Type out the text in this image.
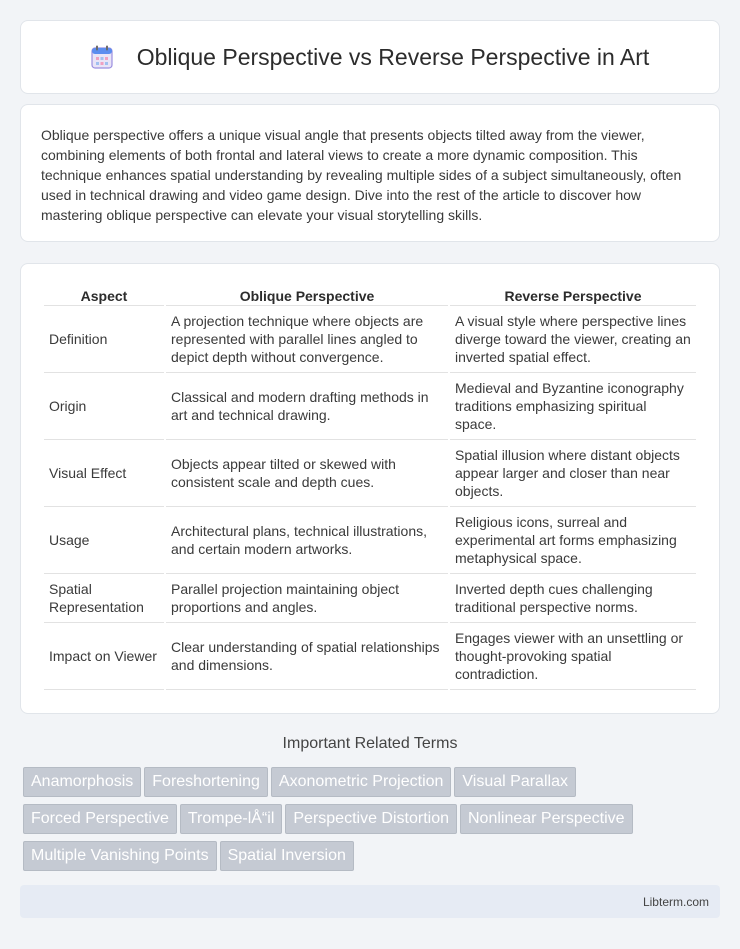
Oblique Perspective vs Reverse Perspective in Art

Oblique perspective offers a unique visual angle that presents objects tilted away from the viewer, combining elements of both frontal and lateral views to create a more dynamic composition. This technique enhances spatial understanding by revealing multiple sides of a subject simultaneously, often used in technical drawing and video game design. Dive into the rest of the article to discover how mastering oblique perspective can elevate your visual storytelling skills.

Aspect	Oblique Perspective	Reverse Perspective
Definition	A projection technique where objects are represented with parallel lines angled to depict depth without convergence.	A visual style where perspective lines diverge toward the viewer, creating an inverted spatial effect.
Origin	Classical and modern drafting methods in art and technical drawing.	Medieval and Byzantine iconography traditions emphasizing spiritual space.
Visual Effect	Objects appear tilted or skewed with consistent scale and depth cues.	Spatial illusion where distant objects appear larger and closer than near objects.
Usage	Architectural plans, technical illustrations, and certain modern artworks.	Religious icons, surreal and experimental art forms emphasizing metaphysical space.
Spatial Representation	Parallel projection maintaining object proportions and angles.	Inverted depth cues challenging traditional perspective norms.
Impact on Viewer	Clear understanding of spatial relationships and dimensions.	Engages viewer with an unsettling or thought-provoking spatial contradiction.
Important Related Terms
Anamorphosis Foreshortening Axonometric Projection Visual Parallax
Forced Perspective Trompe-lÅ“il Perspective Distortion Nonlinear Perspective
Multiple Vanishing Points Spatial Inversion
Libterm.com
